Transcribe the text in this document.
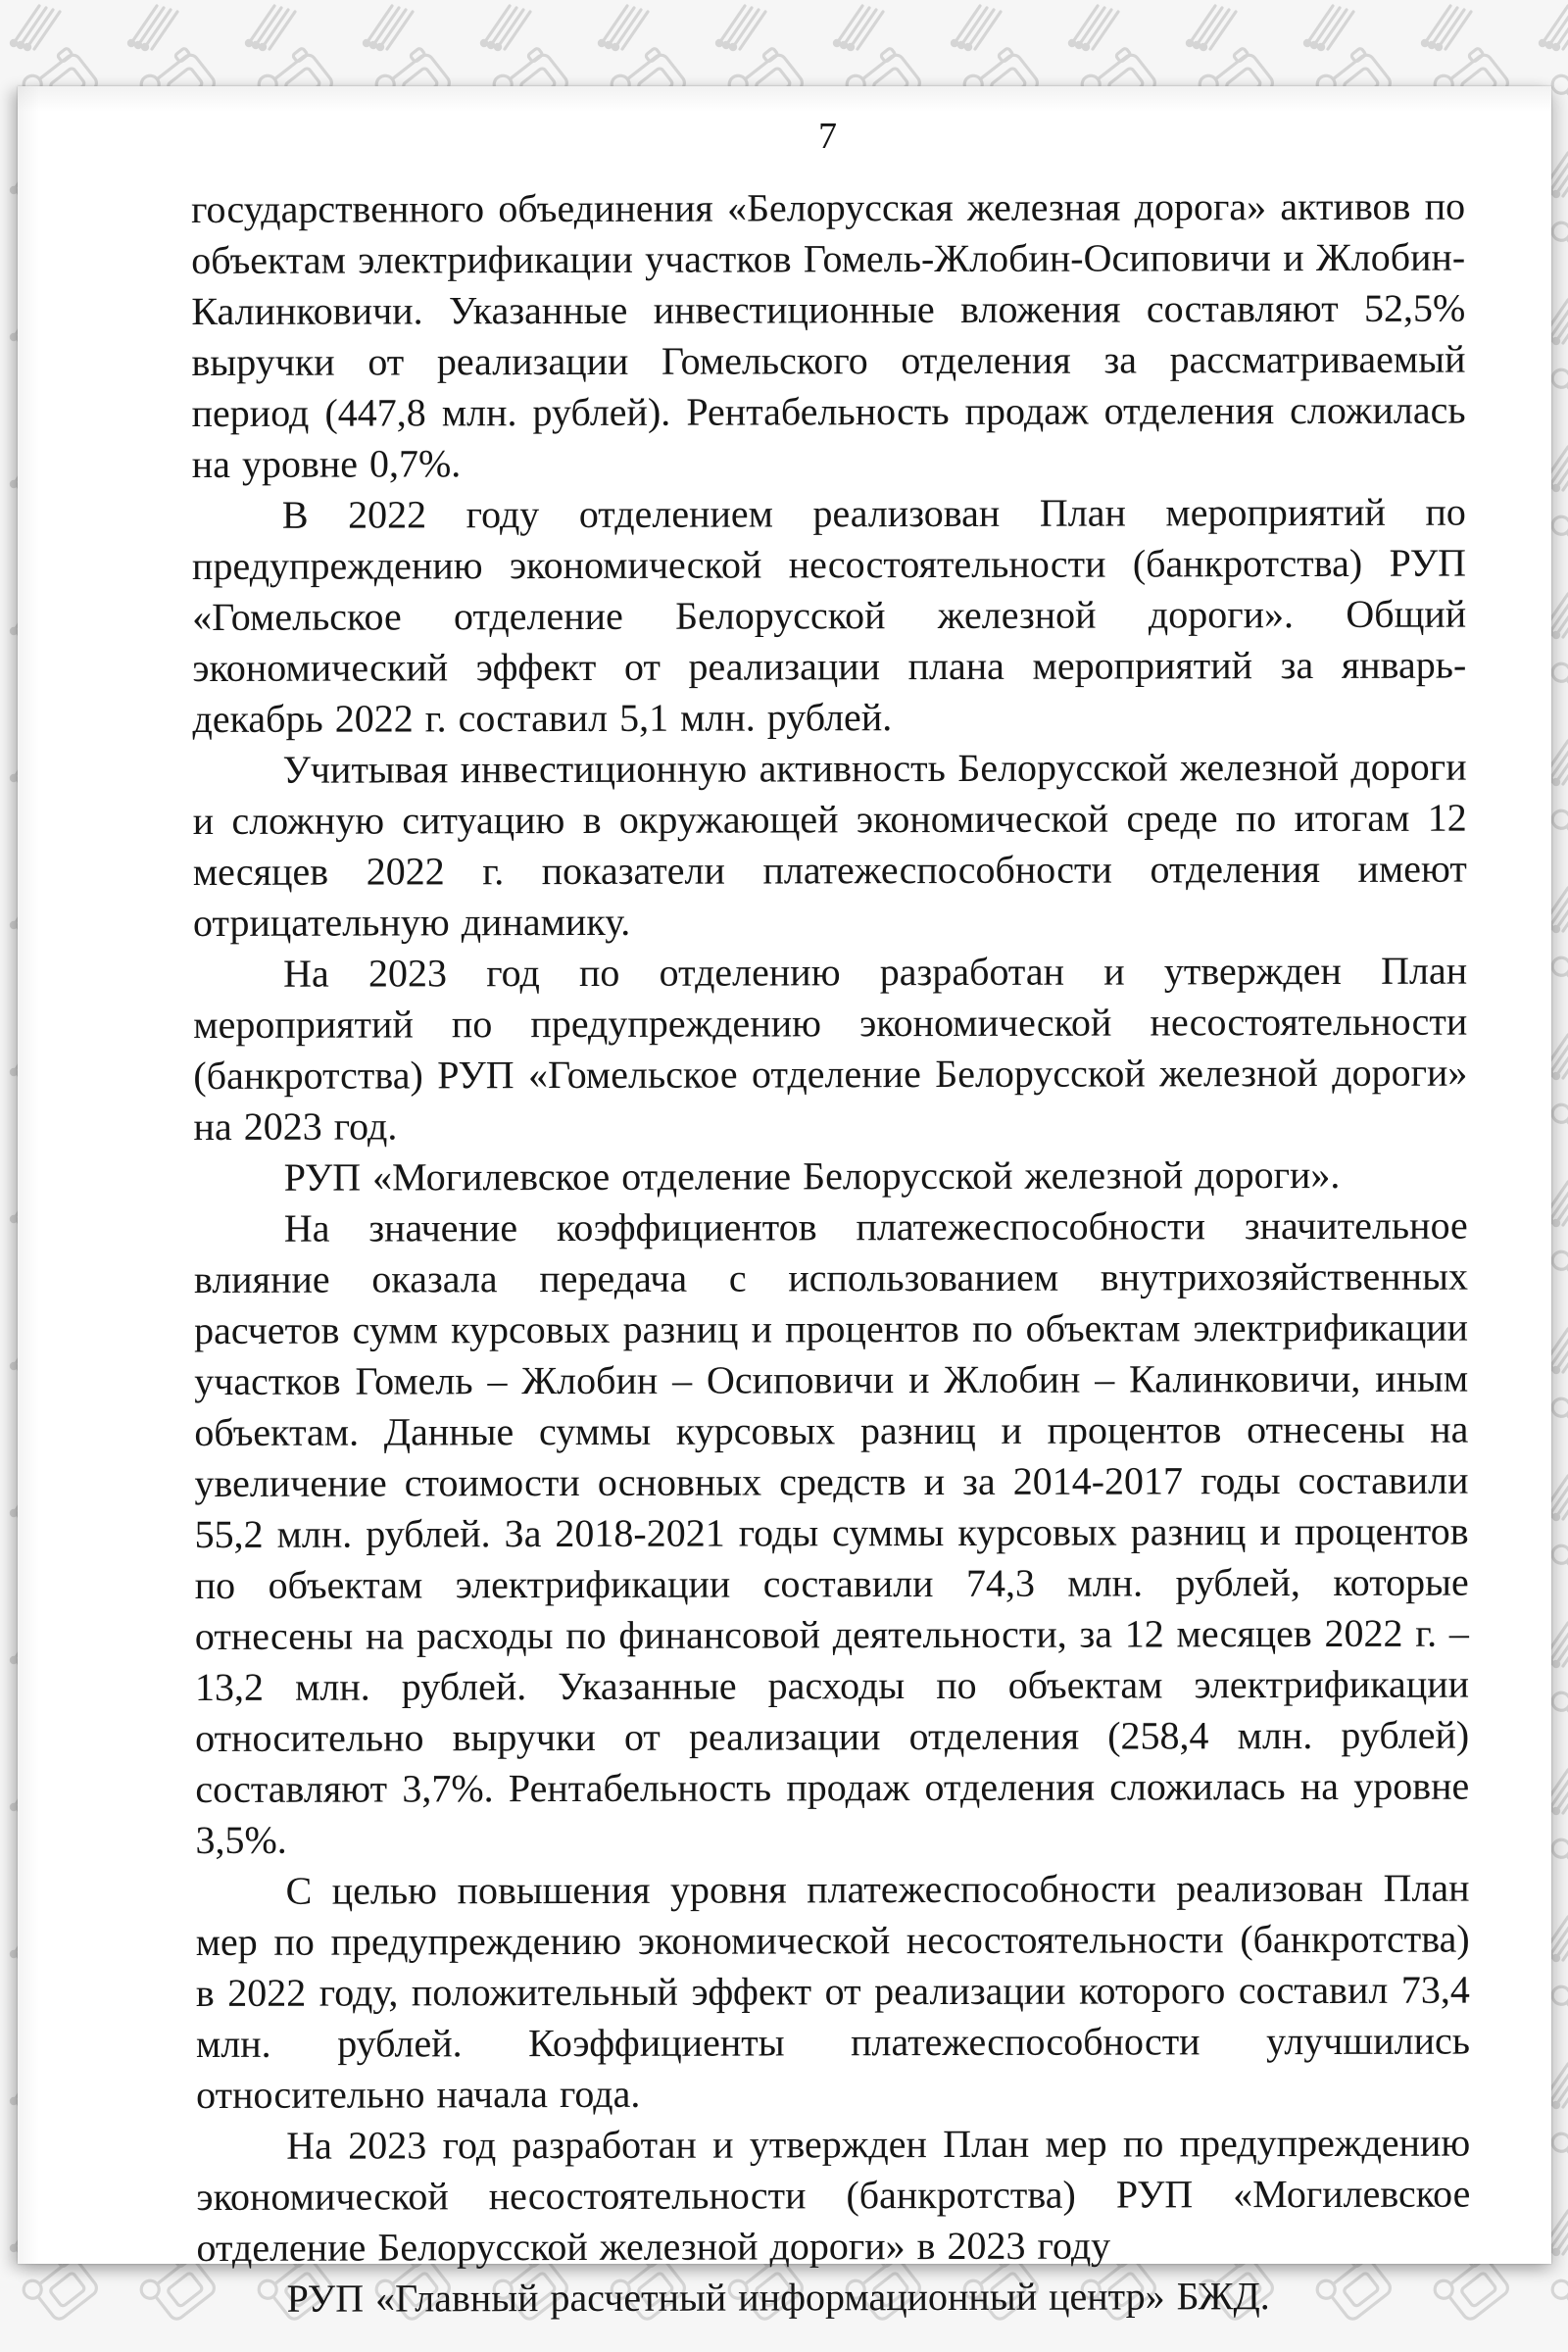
7

государственного объединения «Белорусская железная дорога» активов по объектам электрификации участков Гомель-Жлобин-Осиповичи и Жлобин-Калинковичи. Указанные инвестиционные вложения составляют 52,5% выручки от реализации Гомельского отделения за рассматриваемый период (447,8 млн. рублей). Рентабельность продаж отделения сложилась на уровне 0,7%.

В 2022 году отделением реализован План мероприятий по предупреждению экономической несостоятельности (банкротства) РУП «Гомельское отделение Белорусской железной дороги». Общий экономический эффект от реализации плана мероприятий за январь-декабрь 2022 г. составил 5,1 млн. рублей.

Учитывая инвестиционную активность Белорусской железной дороги и сложную ситуацию в окружающей экономической среде по итогам 12 месяцев 2022 г. показатели платежеспособности отделения имеют отрицательную динамику.

На 2023 год по отделению разработан и утвержден План мероприятий по предупреждению экономической несостоятельности (банкротства) РУП «Гомельское отделение Белорусской железной дороги» на 2023 год.

РУП «Могилевское отделение Белорусской железной дороги».

На значение коэффициентов платежеспособности значительное влияние оказала передача с использованием внутрихозяйственных расчетов сумм курсовых разниц и процентов по объектам электрификации участков Гомель – Жлобин – Осиповичи и Жлобин – Калинковичи, иным объектам. Данные суммы курсовых разниц и процентов отнесены на увеличение стоимости основных средств и за 2014-2017 годы составили 55,2 млн. рублей. За 2018-2021 годы суммы курсовых разниц и процентов по объектам электрификации составили 74,3 млн. рублей, которые отнесены на расходы по финансовой деятельности, за 12 месяцев 2022 г. – 13,2 млн. рублей. Указанные расходы по объектам электрификации относительно выручки от реализации отделения (258,4 млн. рублей) составляют 3,7%. Рентабельность продаж отделения сложилась на уровне 3,5%.

С целью повышения уровня платежеспособности реализован План мер по предупреждению экономической несостоятельности (банкротства) в 2022 году, положительный эффект от реализации которого составил 73,4 млн. рублей. Коэффициенты платежеспособности улучшились относительно начала года.

На 2023 год разработан и утвержден План мер по предупреждению экономической несостоятельности (банкротства) РУП «Могилевское отделение Белорусской железной дороги» в 2023 году

РУП «Главный расчетный информационный центр» БЖД.
